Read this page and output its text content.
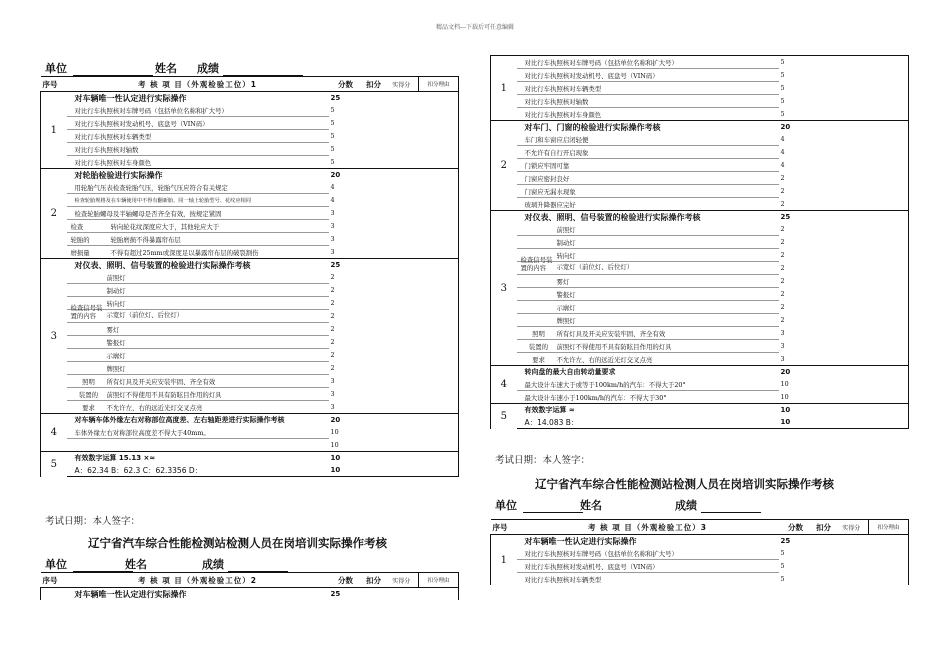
精品文档---下载后可任意编辑
单位	姓名 成绩
序号	考 核 项 目（外观检验工位）1	分数	扣分	实得分	扣分理由
1	对车辆唯一性认定进行实际操作	25			
	对比行车执照核对车牌号码（包括单位名称和扩大号）	5			
	对比行车执照核对发动机号、底盘号（VIN码）	5			
	对比行车执照核对车辆类型	5			
	对比行车执照核对轴数	5			
	对比行车执照核对车身颜色	5			
2	对轮胎检验进行实际操作	20			
	用轮胎气压表检查轮胎气压，轮胎气压应符合有关规定	4			
	检查轮胎规格及在车辆使用中不得有翻新胎、同一轴上轮胎型号、花纹应相同	4			
	检查轮胎螺母及半轴螺母是否齐全有效，按规定紧固	3			
	检查 转向轮花纹深度应大于，其他轮应大于	3			
	轮胎的 轮胎磨损不得暴露帘布层	3			
	磨损量 不得有超过25mm或深度足以暴露帘布层的破裂割伤	3			
3	对仪表、照明、信号装置的检验进行实际操作考核	25			
	前照灯	2			
	制动灯	2			
	转向灯	2			
	检查信号装置的内容 示宽灯（前位灯、后位灯）	2			
	雾灯	2			
	警报灯	2			
	示廓灯	2			
	牌照灯	2			
	照明 所有灯具及开关应安装牢固、齐全有效	3			
	装置的 前照灯不得使用不具有防眩目作用的灯具	3			
	要求 不允许左、右的远近光灯交叉点亮	3			
4	对车辆车体外缘左右对称部位高度差、左右轴距差进行实际操作考核	20			
	车体外缘左右对称部位高度差不得大于40mm。	10			
		10			
5	有效数字运算 15.13 ×≈	10			
	A：62.34 B：62.3 C：62.3356 D：	10			
考试日期：本人签字：
辽宁省汽车综合性能检测站检测人员在岗培训实际操作考核
单位	姓名	成绩
序号	考 核 项 目（外观检验工位）2	分数	扣分	实得分	扣分理由
	对车辆唯一性认定进行实际操作	25			
1	对比行车执照核对车牌号码（包括单位名称和扩大号）	5			
	对比行车执照核对发动机号、底盘号（VIN码）	5			
	对比行车执照核对车辆类型	5			
	对比行车执照核对轴数	5			
	对比行车执照核对车身颜色	5			
2	对车门、门窗的检验进行实际操作考核	20			
	车门和车窗应启闭轻便	4			
	不允许有自行开启现象	4			
	门锁应牢固可靠	4			
	门窗应密封良好	2			
	门窗应无漏水现象	2			
	玻璃升降器应完好	2			
3	对仪表、照明、信号装置的检验进行实际操作考核	25			
	前照灯	2			
	制动灯	2			
	转向灯	2			
	检查信号装置的内容 示宽灯（前位灯、后位灯）	2			
	雾灯	2			
	警报灯	2			
	示廓灯	2			
	牌照灯	2			
	照明 所有灯具及开关应安装牢固、齐全有效	3			
	装置的 前照灯不得使用不具有防眩目作用的灯具	3			
	要求 不允许左、右的远近光灯交叉点亮	3			
4	转向盘的最大自由转动量要求	20			
	最大设计车速大于或等于100km/h的汽车：不得大于20°	10			
	最大设计车速小于100km/h的汽车：不得大于30°	10			
5	有效数字运算 ≈	10			
	A：14.083 B：	10			
考试日期：本人签字：
辽宁省汽车综合性能检测站检测人员在岗培训实际操作考核
单位	姓名	成绩
序号	考 核 项 目（外观检验工位）3	分数	扣分	实得分	扣分理由
1	对车辆唯一性认定进行实际操作	25			
	对比行车执照核对车牌号码（包括单位名称和扩大号）	5			
	对比行车执照核对发动机号、底盘号（VIN码）	5			
	对比行车执照核对车辆类型	5			
